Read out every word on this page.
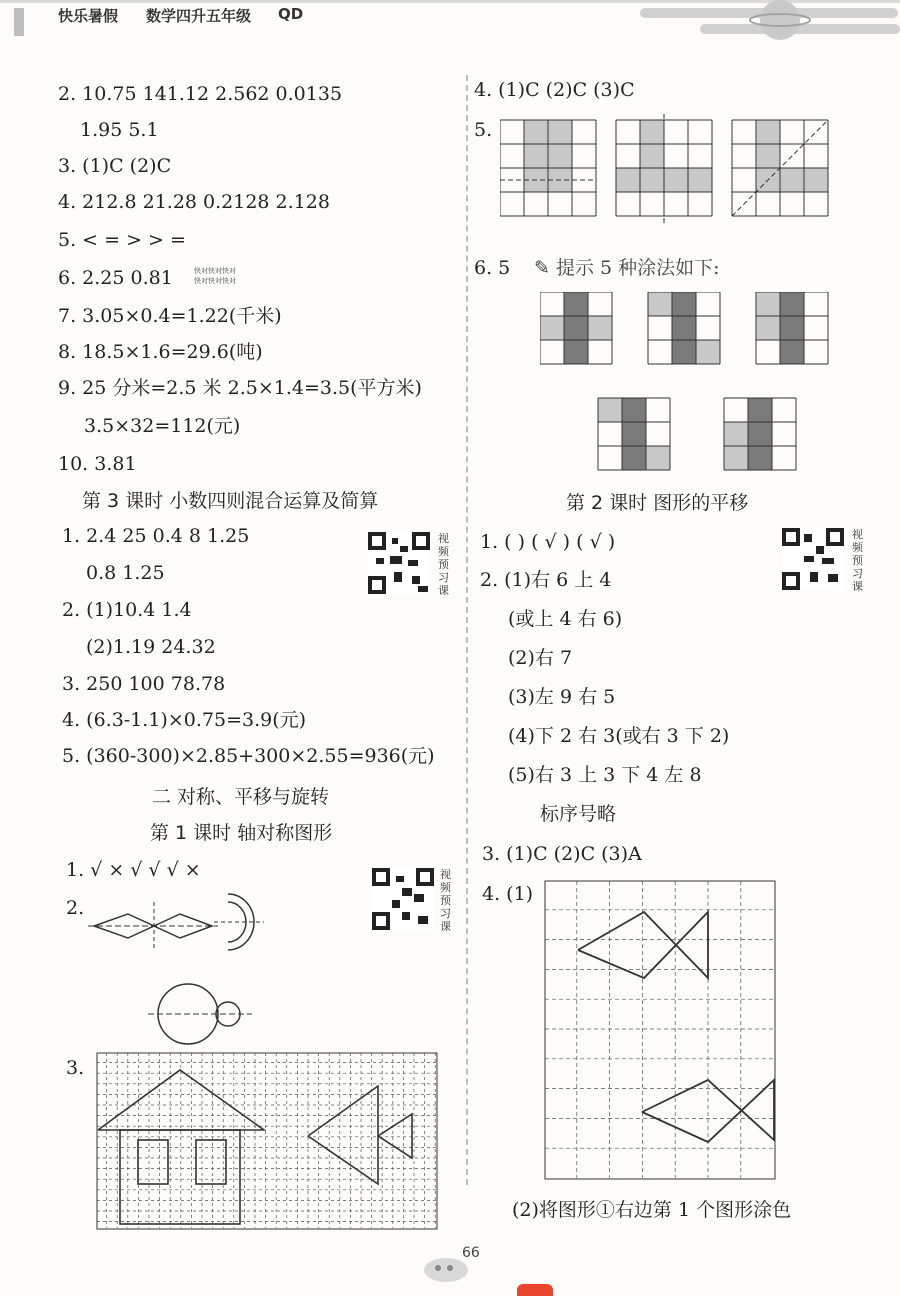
快乐暑假 数学四升五年级 QD
2. 10.75 141.12 2.562 0.0135
1.95 5.1
3. (1)C (2)C
4. 212.8 21.28 0.2128 2.128
5. < = > > =
6. 2.25 0.81	快对快对快对
快对快对快对
7. 3.05×0.4=1.22(千米)
8. 18.5×1.6=29.6(吨)
9. 25 分米=2.5 米 2.5×1.4=3.5(平方米)
3.5×32=112(元)
10. 3.81
第 3 课时 小数四则混合运算及简算
1. 2.4 25 0.4 8 1.25
0.8 1.25
2. (1)10.4 1.4
(2)1.19 24.32
3. 250 100 78.78
4. (6.3-1.1)×0.75=3.9(元)
5. (360-300)×2.85+300×2.55=936(元)
视频预习课
二 对称、平移与旋转
第 1 课时 轴对称图形
1. √ × √ √ √ ×
2.
视频预习课
3.
4. (1)C (2)C (3)C
5.
6. 5 ✎ 提示 5 种涂法如下:
第 2 课时 图形的平移
1. ( ) ( √ ) ( √ )
2. (1)右 6 上 4
(或上 4 右 6)
(2)右 7
(3)左 9 右 5
(4)下 2 右 3(或右 3 下 2)
(5)右 3 上 3 下 4 左 8
标序号略
3. (1)C (2)C (3)A
4. (1)
视频预习课
(2)将图形①右边第 1 个图形涂色
66
